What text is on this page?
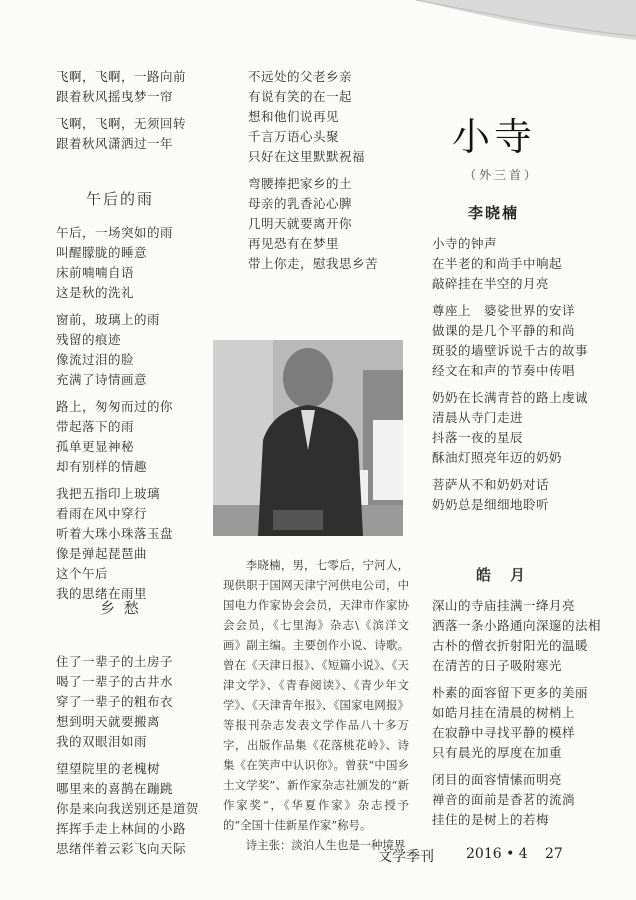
飞啊，飞啊，一路向前
跟着秋风摇曳梦一帘
飞啊，飞啊，无须回转
跟着秋风潇洒过一年
午后的雨
午后，一场突如的雨
叫醒朦胧的睡意
床前喃喃自语
这是秋的洗礼
窗前，玻璃上的雨
残留的痕迹
像流过泪的脸
充满了诗情画意
路上，匆匆而过的你
带起落下的雨
孤单更显神秘
却有别样的情趣
我把五指印上玻璃
看雨在风中穿行
听着大珠小珠落玉盘
像是弹起琵琶曲
这个午后
我的思绪在雨里
乡 愁
住了一辈子的土房子
喝了一辈子的古井水
穿了一辈子的粗布衣
想到明天就要搬离
我的双眼泪如雨
望望院里的老槐树
哪里来的喜鹊在蹦跳
你是来向我送别还是道贺
挥挥手走上林间的小路
思绪伴着云彩飞向天际
不远处的父老乡亲
有说有笑的在一起
想和他们说再见
千言万语心头聚
只好在这里默默祝福
弯腰捧把家乡的土
母亲的乳香沁心脾
几明天就要离开你
再见恐有在梦里
带上你走，慰我思乡苦

李晓楠，男，七零后，宁河人，现供职于国网天津宁河供电公司，中国电力作家协会会员，天津市作家协会会员，《七里海》杂志\《滨洋文画》副主编。主要创作小说、诗歌。曾在《天津日报》、《短篇小说》、《天津文学》、《青春阅读》、《青少年文学》、《天津青年报》、《国家电网报》等报刊杂志发表文学作品八十多万字，出版作品集《花落桃花岭》、诗集《在笑声中认识你》。曾获“中国乡土文学奖”、新作家杂志社颁发的“新作家奖”，《华夏作家》杂志授予的“全国十佳新星作家”称号。

诗主张：淡泊人生也是一种境界

小寺
（外三首）
李晓楠
小寺的钟声
在半老的和尚手中响起
敲碎挂在半空的月亮
尊座上　婆娑世界的安详
做课的是几个平静的和尚
斑驳的墙壁诉说千古的故事
经文在和声的节奏中传唱
奶奶在长满青苔的路上虔诚
清晨从寺门走进
抖落一夜的星辰
酥油灯照亮年迈的奶奶
菩萨从不和奶奶对话
奶奶总是细细地聆听
皓　月
深山的寺庙挂满一绛月亮
洒落一条小路通向深邃的法相
古朴的僧衣折射阳光的温暖
在清苦的日子吸附寒光
朴素的面容留下更多的美丽
如皓月挂在清晨的树梢上
在寂静中寻找平静的模样
只有晨光的厚度在加重
闭目的面容情愫而明亮
禅音的面前是香茗的流淌
挂住的是树上的若梅
文学季刊 2016 • 4 27
